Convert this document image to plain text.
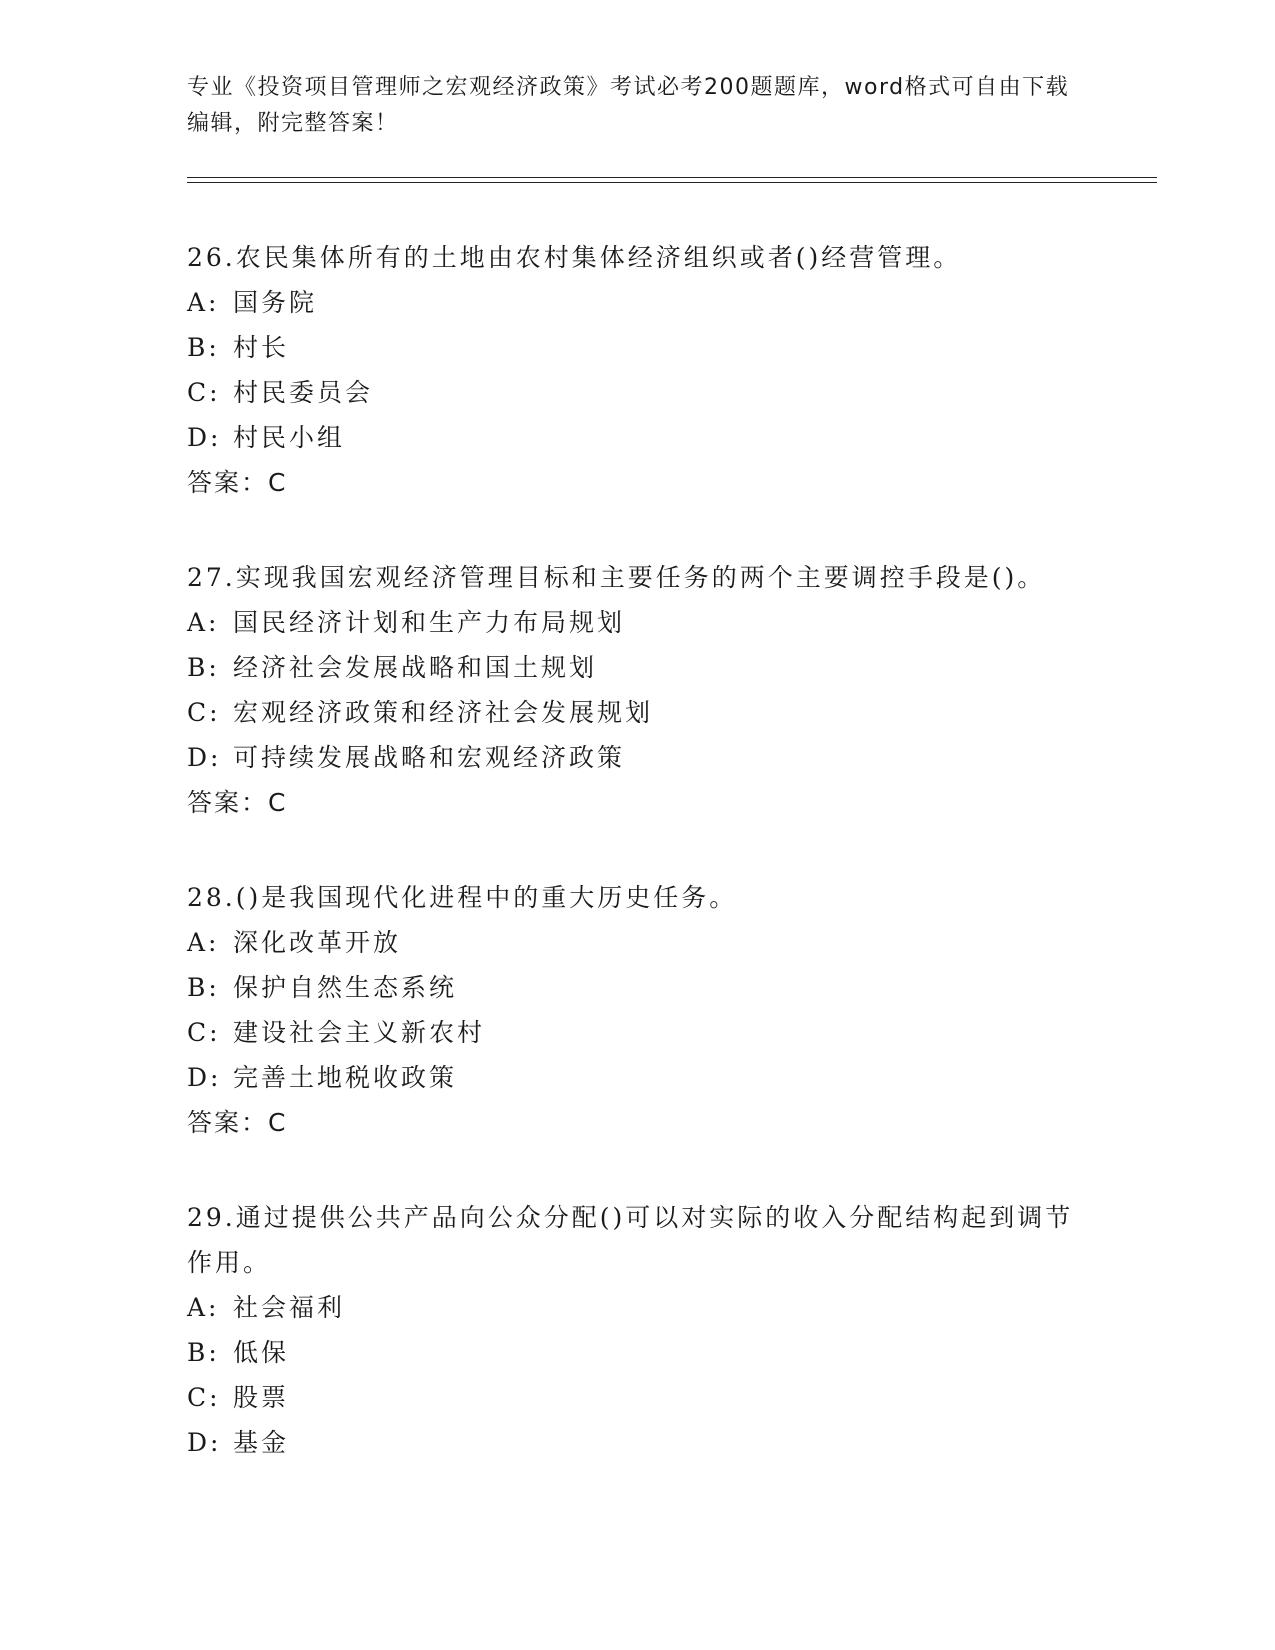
专业《投资项目管理师之宏观经济政策》考试必考200题题库，word格式可自由下载编辑，附完整答案！

26.农民集体所有的土地由农村集体经济组织或者()经营管理。

A: 国务院

B: 村长

C: 村民委员会

D: 村民小组

答案：C

27.实现我国宏观经济管理目标和主要任务的两个主要调控手段是()。

A: 国民经济计划和生产力布局规划

B: 经济社会发展战略和国土规划

C: 宏观经济政策和经济社会发展规划

D: 可持续发展战略和宏观经济政策

答案：C

28.()是我国现代化进程中的重大历史任务。

A: 深化改革开放

B: 保护自然生态系统

C: 建设社会主义新农村

D: 完善土地税收政策

答案：C

29.通过提供公共产品向公众分配()可以对实际的收入分配结构起到调节作用。

A: 社会福利

B: 低保

C: 股票

D: 基金
